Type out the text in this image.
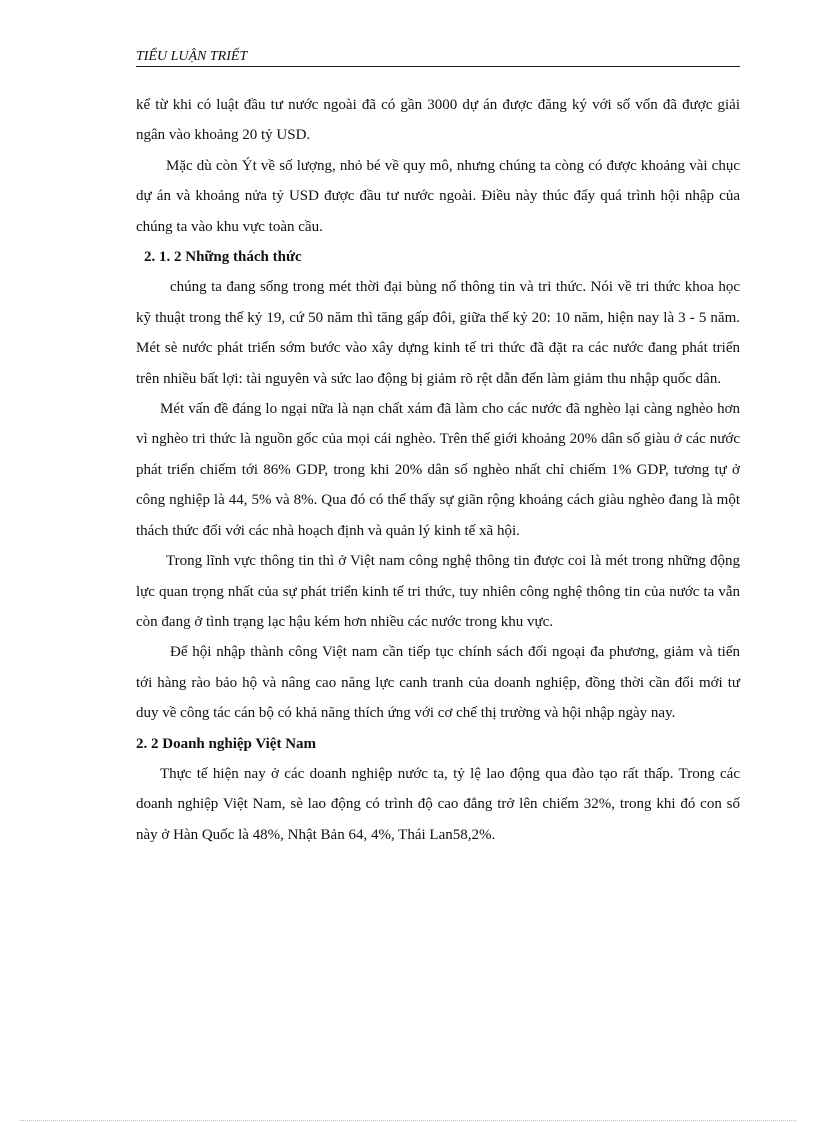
TIỂU LUẬN TRIẾT

kể từ khi có luật đầu tư nước ngoài đã có gần 3000 dự án được đăng ký với số vốn đã được giải ngân vào khoảng 20 tỷ USD.

Mặc dù còn Ýt về số lượng, nhỏ bé về quy mô, nhưng chúng ta còng có được khoảng vài chục dự án và khoảng nửa tỷ USD được đầu tư nước ngoài. Điều này thúc đẩy quá trình hội nhập của chúng ta vào khu vực toàn cầu.

2. 1. 2 Những thách thức

chúng ta đang sống trong mét thời đại bùng nổ thông tin và tri thức. Nói về tri thức khoa học kỹ thuật trong thế kỷ 19, cứ 50 năm thì tăng gấp đôi, giữa thế kỷ 20: 10 năm, hiện nay là 3 - 5 năm. Mét sè nước phát triển sớm bước vào xây dựng kinh tế tri thức đã đặt ra các nước đang phát triển trên nhiều bất lợi: tài nguyên và sức lao động bị giảm rõ rệt dẫn đến làm giảm thu nhập quốc dân.

Mét vấn đề đáng lo ngại nữa là nạn chất xám đã làm cho các nước đã nghèo lại càng nghèo hơn vì nghèo tri thức là nguồn gốc của mọi cái nghèo. Trên thế giới khoảng 20% dân số giàu ở các nước phát triển chiếm tới 86% GDP, trong khi 20% dân số nghèo nhất chỉ chiếm 1% GDP, tương tự ở công nghiệp là 44, 5% và 8%. Qua đó có thể thấy sự giãn rộng khoảng cách giàu nghèo đang là một thách thức đối với các nhà hoạch định và quản lý kinh tế xã hội.

Trong lĩnh vực thông tin thì ở Việt nam công nghệ thông tin được coi là mét trong những động lực quan trọng nhất của sự phát triển kinh tế tri thức, tuy nhiên công nghệ thông tin của nước ta vẫn còn đang ở tình trạng lạc hậu kém hơn nhiều các nước trong khu vực.

Để hội nhập thành công Việt nam cần tiếp tục chính sách đối ngoại đa phương, giảm và tiến tới hàng rào bảo hộ và nâng cao năng lực canh tranh của doanh nghiệp, đồng thời cần đổi mới tư duy về công tác cán bộ có khả năng thích ứng với cơ chế thị trường và hội nhập ngày nay.

2. 2 Doanh nghiệp Việt Nam

Thực tế hiện nay ở các doanh nghiệp nước ta, tỷ lệ lao động qua đào tạo rất thấp. Trong các doanh nghiệp Việt Nam, sè lao động có trình độ cao đẳng trở lên chiếm 32%, trong khi đó con số này ở Hàn Quốc là 48%, Nhật Bản 64, 4%, Thái Lan58,2%.
